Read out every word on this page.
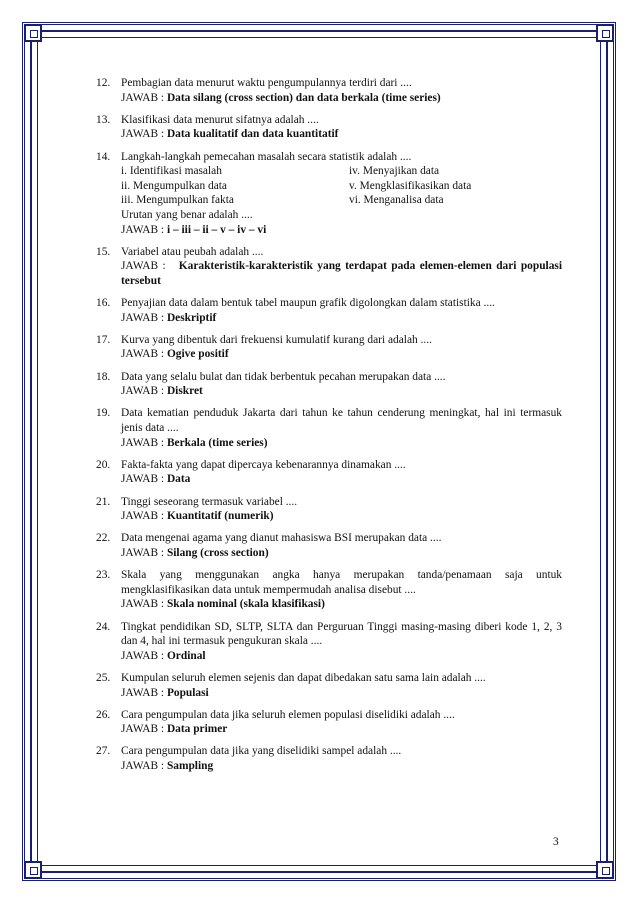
12. Pembagian data menurut waktu pengumpulannya terdiri dari ....
JAWAB : Data silang (cross section) dan data berkala (time series)
13. Klasifikasi data menurut sifatnya adalah ....
JAWAB : Data kualitatif dan data kuantitatif
14. Langkah-langkah pemecahan masalah secara statistik adalah ....
i. Identifikasi masalah	iv. Menyajikan data
ii. Mengumpulkan data	v. Mengklasifikasikan data
iii. Mengumpulkan fakta	vi. Menganalisa data
Urutan yang benar adalah ....
JAWAB : i – iii – ii – v – iv – vi
15. Variabel atau peubah adalah ....
JAWAB : Karakteristik-karakteristik yang terdapat pada elemen-elemen dari populasi tersebut
16. Penyajian data dalam bentuk tabel maupun grafik digolongkan dalam statistika ....
JAWAB : Deskriptif
17. Kurva yang dibentuk dari frekuensi kumulatif kurang dari adalah ....
JAWAB : Ogive positif
18. Data yang selalu bulat dan tidak berbentuk pecahan merupakan data ....
JAWAB : Diskret
19. Data kematian penduduk Jakarta dari tahun ke tahun cenderung meningkat, hal ini termasuk jenis data ....
JAWAB : Berkala (time series)
20. Fakta-fakta yang dapat dipercaya kebenarannya dinamakan ....
JAWAB : Data
21. Tinggi seseorang termasuk variabel ....
JAWAB : Kuantitatif (numerik)
22. Data mengenai agama yang dianut mahasiswa BSI merupakan data ....
JAWAB : Silang (cross section)
23. Skala yang menggunakan angka hanya merupakan tanda/penamaan saja untuk mengklasifikasikan data untuk mempermudah analisa disebut ....
JAWAB : Skala nominal (skala klasifikasi)
24. Tingkat pendidikan SD, SLTP, SLTA dan Perguruan Tinggi masing-masing diberi kode 1, 2, 3 dan 4, hal ini termasuk pengukuran skala ....
JAWAB : Ordinal
25. Kumpulan seluruh elemen sejenis dan dapat dibedakan satu sama lain adalah ....
JAWAB : Populasi
26. Cara pengumpulan data jika seluruh elemen populasi diselidiki adalah ....
JAWAB : Data primer
27. Cara pengumpulan data jika yang diselidiki sampel adalah ....
JAWAB : Sampling
3
